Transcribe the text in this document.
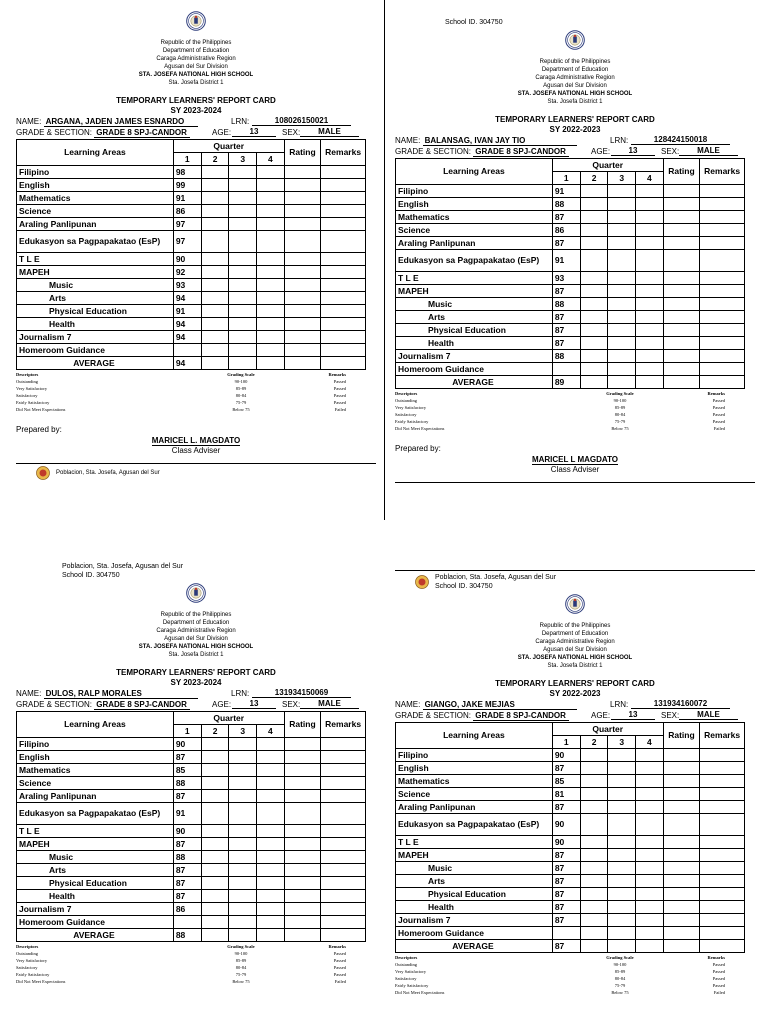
Republic of the Philippines
Department of Education
Caraga Administrative Region
Agusan del Sur Division
STA. JOSEFA NATIONAL HIGH SCHOOL
Sta. Josefa District 1
TEMPORARY LEARNERS' REPORT CARD
SY 2023-2024
NAME: ARGANA, JADEN JAMES ESNARDO	LRN:	108026150021
GRADE & SECTION: GRADE 8 SPJ-CANDOR	AGE:	13	SEX:	MALE
Learning Areas	Quarter				Rating	Remarks
	1	2	3	4		
Filipino	98					
English	99					
Mathematics	91					
Science	86					
Araling Panlipunan	97					
Edukasyon sa Pagpapakatao (EsP)	97					
T L E	90					
MAPEH	92					
Music	93					
Arts	94					
Physical Education	91					
Health	94					
Journalism 7	94					
Homeroom Guidance						
AVERAGE	94					
Descriptors	Grading Scale	Remarks
Outstanding	90-100	Passed
Very Satisfactory	85-89	Passed
Satisfactory	80-84	Passed
Fairly Satisfactory	75-79	Passed
Did Not Meet Expectations	Below 75	Failed
Prepared by:
MARICEL L. MAGDATO
Class Adviser
Poblacion, Sta. Josefa, Agusan del Sur
School ID. 304750
Republic of the Philippines
Department of Education
Caraga Administrative Region
Agusan del Sur Division
STA. JOSEFA NATIONAL HIGH SCHOOL
Sta. Josefa District 1
TEMPORARY LEARNERS' REPORT CARD
SY 2022-2023
NAME: BALANSAG, IVAN JAY TIO	LRN:	128424150018
GRADE & SECTION: GRADE 8 SPJ-CANDOR	AGE:	13	SEX:	MALE
Learning Areas	Quarter				Rating	Remarks
	1	2	3	4		
Filipino	91					
English	88					
Mathematics	87					
Science	86					
Araling Panlipunan	87					
Edukasyon sa Pagpapakatao (EsP)	91					
T L E	93					
MAPEH	87					
Music	88					
Arts	87					
Physical Education	87					
Health	87					
Journalism 7	88					
Homeroom Guidance						
AVERAGE	89					
Descriptors	Grading Scale	Remarks
Outstanding	90-100	Passed
Very Satisfactory	85-89	Passed
Satisfactory	80-84	Passed
Fairly Satisfactory	75-79	Passed
Did Not Meet Expectations	Below 75	Failed
Prepared by:
MARICEL L MAGDATO
Class Adviser
Poblacion, Sta. Josefa, Agusan del Sur
School ID. 304750
Republic of the Philippines
Department of Education
Caraga Administrative Region
Agusan del Sur Division
STA. JOSEFA NATIONAL HIGH SCHOOL
Sta. Josefa District 1
TEMPORARY LEARNERS' REPORT CARD
SY 2023-2024
NAME: DULOS, RALP MORALES	LRN:	131934150069
GRADE & SECTION: GRADE 8 SPJ-CANDOR	AGE:	13	SEX:	MALE
Learning Areas	Quarter				Rating	Remarks
	1	2	3	4		
Filipino	90					
English	87					
Mathematics	85					
Science	88					
Araling Panlipunan	87					
Edukasyon sa Pagpapakatao (EsP)	91					
T L E	90					
MAPEH	87					
Music	88					
Arts	87					
Physical Education	87					
Health	87					
Journalism 7	86					
Homeroom Guidance						
AVERAGE	88					
Descriptors	Grading Scale	Remarks
Outstanding	90-100	Passed
Very Satisfactory	85-89	Passed
Satisfactory	80-84	Passed
Fairly Satisfactory	75-79	Passed
Did Not Meet Expectations	Below 75	Failed
Poblacion, Sta. Josefa, Agusan del Sur
School ID. 304750
Republic of the Philippines
Department of Education
Caraga Administrative Region
Agusan del Sur Division
STA. JOSEFA NATIONAL HIGH SCHOOL
Sta. Josefa District 1
TEMPORARY LEARNERS' REPORT CARD
SY 2022-2023
NAME: GIANGO, JAKE MEJIAS	LRN:	131934160072
GRADE & SECTION: GRADE 8 SPJ-CANDOR	AGE:	13	SEX:	MALE
Learning Areas	Quarter				Rating	Remarks
	1	2	3	4		
Filipino	90					
English	87					
Mathematics	85					
Science	81					
Araling Panlipunan	87					
Edukasyon sa Pagpapakatao (EsP)	90					
T L E	90					
MAPEH	87					
Music	87					
Arts	87					
Physical Education	87					
Health	87					
Journalism 7	87					
Homeroom Guidance						
AVERAGE	87					
Descriptors	Grading Scale	Remarks
Outstanding	90-100	Passed
Very Satisfactory	85-89	Passed
Satisfactory	80-84	Passed
Fairly Satisfactory	75-79	Passed
Did Not Meet Expectations	Below 75	Failed
